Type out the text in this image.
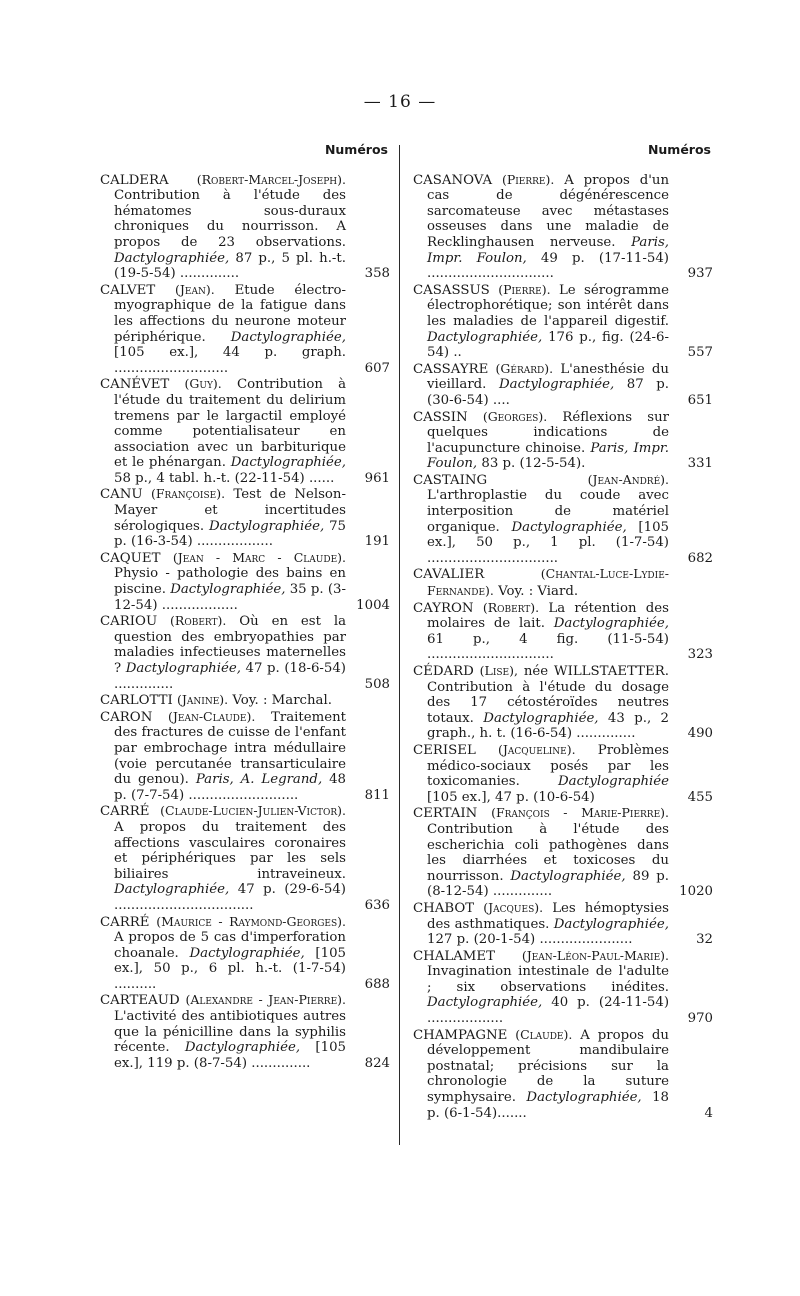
— 16 —
Numéros

CALDERA (Robert-Marcel-Joseph). Contribution à l'étude des hématomes sous-duraux chroniques du nourrisson. A propos de 23 observations. Dactylographiée, 87 p., 5 pl. h.-t. (19-5-54) ..............	358

CALVET (Jean). Etude électro-myographique de la fatigue dans les affections du neurone moteur périphérique. Dactylographiée, [105 ex.], 44 p. graph. ...........................	607

CANÉVET (Guy). Contribution à l'étude du traitement du delirium tremens par le largactil employé comme potentialisateur en association avec un barbiturique et le phénargan. Dactylographiée, 58 p., 4 tabl. h.-t. (22-11-54) ......	961

CANU (Françoise). Test de Nelson-Mayer et incertitudes sérologiques. Dactylographiée, 75 p. (16-3-54) ..................	191

CAQUET (Jean - Marc - Claude). Physio - pathologie des bains en piscine. Dactylographiée, 35 p. (3-12-54) ..................	1004

CARIOU (Robert). Où en est la question des embryopathies par maladies infectieuses maternelles ? Dactylographiée, 47 p. (18-6-54) ..............	508

CARLOTTI (Janine). Voy. : Marchal.

CARON (Jean-Claude). Traitement des fractures de cuisse de l'enfant par embrochage intra médullaire (voie percutanée transarticulaire du genou). Paris, A. Legrand, 48 p. (7-7-54) ..........................	811

CARRÉ (Claude-Lucien-Julien-Victor). A propos du traitement des affections vasculaires coronaires et périphériques par les sels biliaires intraveineux. Dactylographiée, 47 p. (29-6-54) .................................	636

CARRÉ (Maurice - Raymond-Georges). A propos de 5 cas d'imperforation choanale. Dactylographiée, [105 ex.], 50 p., 6 pl. h.-t. (1-7-54) ..........	688

CARTEAUD (Alexandre - Jean-Pierre). L'activité des antibiotiques autres que la pénicilline dans la syphilis récente. Dactylographiée, [105 ex.], 119 p. (8-7-54) ..............	824

Numéros

CASANOVA (Pierre). A propos d'un cas de dégénérescence sarcomateuse avec métastases osseuses dans une maladie de Recklinghausen nerveuse. Paris, Impr. Foulon, 49 p. (17-11-54) ..............................	937

CASASSUS (Pierre). Le sérogramme électrophorétique; son intérêt dans les maladies de l'appareil digestif. Dactylographiée, 176 p., fig. (24-6-54) ..	557

CASSAYRE (Gérard). L'anesthésie du vieillard. Dactylographiée, 87 p. (30-6-54) ....	651

CASSIN (Georges). Réflexions sur quelques indications de l'acupuncture chinoise. Paris, Impr. Foulon, 83 p. (12-5-54).	331

CASTAING	(Jean-André). L'arthroplastie du coude avec interposition de matériel organique. Dactylographiée, [105 ex.], 50 p., 1 pl. (1-7-54) ...............................	682

CAVALIER	(Chantal-Luce-Lydie-Fernande). Voy. : Viard.

CAYRON (Robert). La rétention des molaires de lait. Dactylographiée, 61 p., 4 fig. (11-5-54) ..............................	323

CÉDARD (Lise), née WILLSTAETTER. Contribution à l'étude du dosage des 17 cétostéroïdes neutres totaux. Dactylographiée, 43 p., 2 graph., h. t. (16-6-54) ..............	490

CERISEL (Jacqueline). Problèmes médico-sociaux posés par les toxicomanies.	Dactylographiée [105 ex.], 47 p. (10-6-54)	455

CERTAIN (François - Marie-Pierre). Contribution à l'étude des escherichia coli pathogènes dans les diarrhées et toxicoses du nourrisson. Dactylographiée, 89 p. (8-12-54) ..............	1020

CHABOT (Jacques). Les hémoptysies des asthmatiques. Dactylographiée, 127 p. (20-1-54) ......................	32

CHALAMET (Jean-Léon-Paul-Marie). Invagination intestinale de l'adulte ; six observations inédites. Dactylographiée, 40 p. (24-11-54) ..................	970

CHAMPAGNE (Claude). A propos du développement mandibulaire postnatal; précisions sur la chronologie de la suture symphysaire. Dactylographiée, 18 p. (6-1-54).......	4
